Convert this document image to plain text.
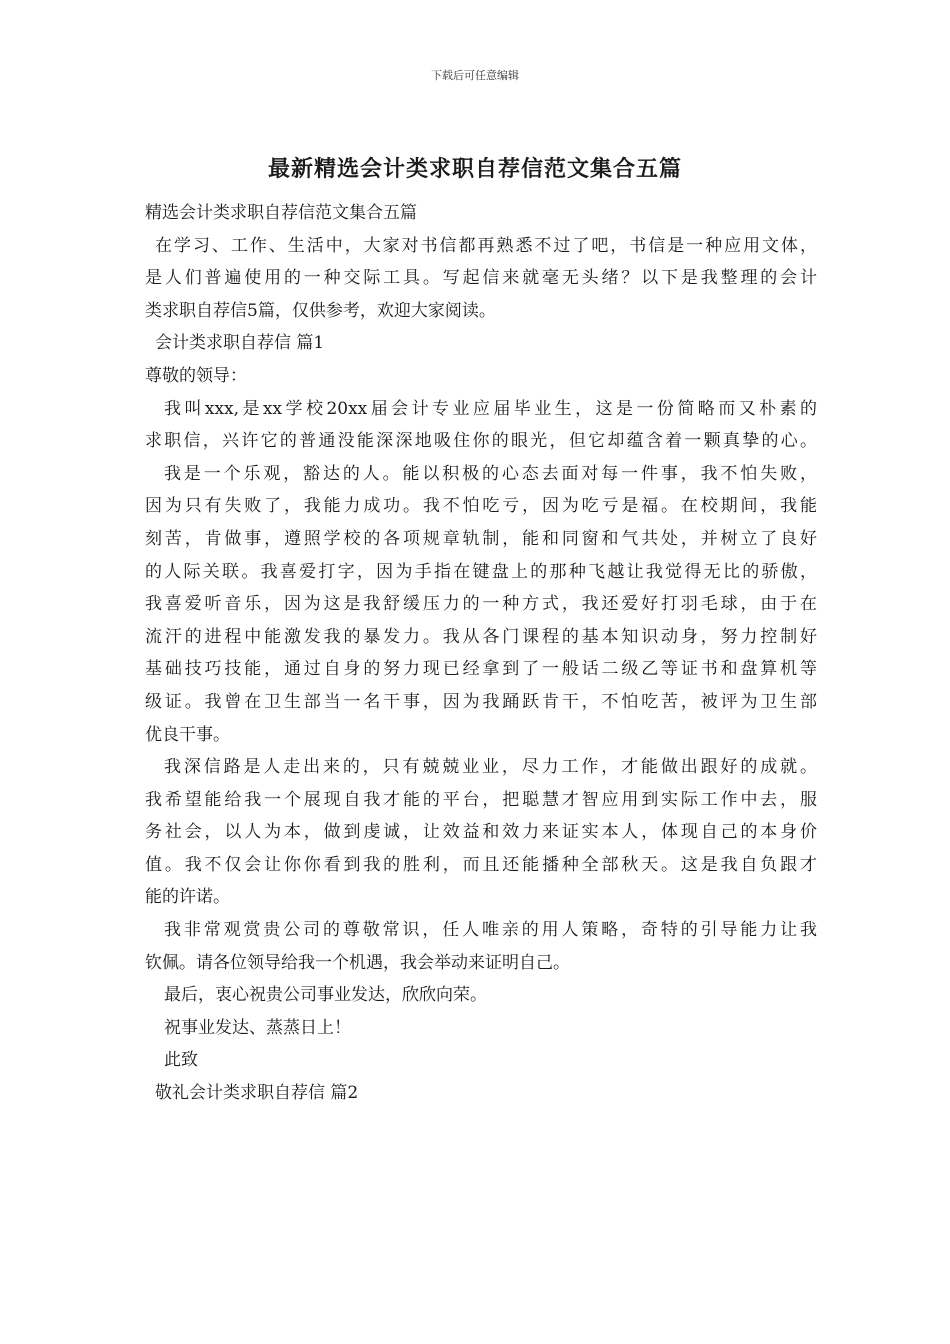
下载后可任意编辑
最新精选会计类求职自荐信范文集合五篇
精选会计类求职自荐信范文集合五篇
在学习、工作、生活中，大家对书信都再熟悉不过了吧，书信是一种应用文体，
是人们普遍使用的一种交际工具。写起信来就毫无头绪？以下是我整理的会计
类求职自荐信5篇，仅供参考，欢迎大家阅读。
会计类求职自荐信 篇1
尊敬的领导：
我叫xxx,是xx学校20xx届会计专业应届毕业生，这是一份简略而又朴素的
求职信，兴许它的普通没能深深地吸住你的眼光，但它却蕴含着一颗真挚的心。
我是一个乐观，豁达的人。能以积极的心态去面对每一件事，我不怕失败，
因为只有失败了，我能力成功。我不怕吃亏，因为吃亏是福。在校期间，我能
刻苦，肯做事，遵照学校的各项规章轨制，能和同窗和气共处，并树立了良好
的人际关联。我喜爱打字，因为手指在键盘上的那种飞越让我觉得无比的骄傲，
我喜爱听音乐，因为这是我舒缓压力的一种方式，我还爱好打羽毛球，由于在
流汗的进程中能激发我的暴发力。我从各门课程的基本知识动身，努力控制好
基础技巧技能，通过自身的努力现已经拿到了一般话二级乙等证书和盘算机等
级证。我曾在卫生部当一名干事，因为我踊跃肯干，不怕吃苦，被评为卫生部
优良干事。
我深信路是人走出来的，只有兢兢业业，尽力工作，才能做出跟好的成就。
我希望能给我一个展现自我才能的平台，把聪慧才智应用到实际工作中去，服
务社会，以人为本，做到虔诚，让效益和效力来证实本人，体现自己的本身价
值。我不仅会让你你看到我的胜利，而且还能播种全部秋天。这是我自负跟才
能的许诺。
我非常观赏贵公司的尊敬常识，任人唯亲的用人策略，奇特的引导能力让我
钦佩。请各位领导给我一个机遇，我会举动来证明自己。
最后，衷心祝贵公司事业发达，欣欣向荣。
祝事业发达、蒸蒸日上！
此致
敬礼会计类求职自荐信 篇2
